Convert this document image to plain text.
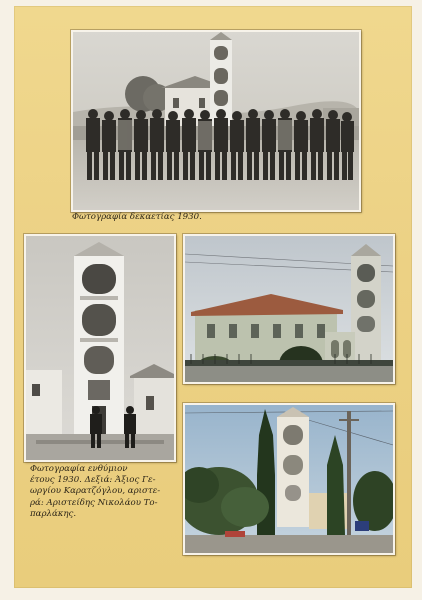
Φωτογραφία δεκαετίας 1930.
Φωτογραφία ενθύμιον
έτους 1930. Δεξιά: Άξιος Γε-
ωργίου Καρατζόγλου, αριστε-
ρά: Αριστείδης Νικολάου Το-
παρλάκης.
